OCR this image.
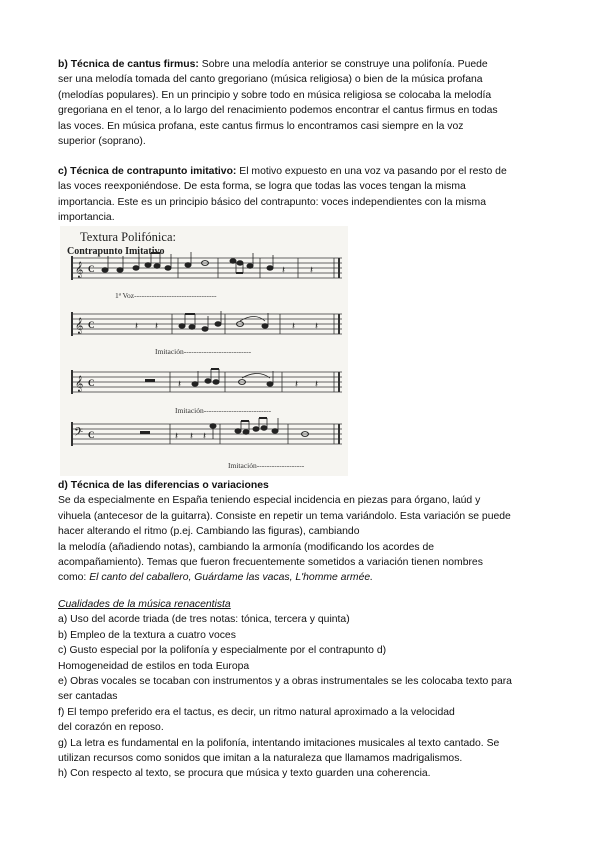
b) Técnica de cantus firmus: Sobre una melodía anterior se construye una polifonía. Puede
ser una melodía tomada del canto gregoriano (música religiosa) o bien de la música profana
(melodías populares). En un principio y sobre todo en música religiosa se colocaba la melodía
gregoriana en el tenor, a lo largo del renacimiento podemos encontrar el cantus firmus en todas
las voces. En música profana, este cantus firmus lo encontramos casi siempre en la voz
superior (soprano).

c) Técnica de contrapunto imitativo: El motivo expuesto en una voz va pasando por el resto de
las voces reexponiéndose. De esta forma, se logra que todas las voces tengan la misma
importancia. Este es un principio básico del contrapunto: voces independientes con la misma
importancia.

Textura Polifónica:
Contrapunto Imitativo
𝄞 C	𝄽 𝄽
1ª Voz---------------------------------
𝄞 C	𝄽 𝄽	𝄽 𝄽
Imitación---------------------------
𝄞 C	𝄽	𝄽 𝄽
Imitación---------------------------
𝄢 C	𝄽 𝄽 𝄽
Imitación-------------------

d) Técnica de las diferencias o variaciones
Se da especialmente en España teniendo especial incidencia en piezas para órgano, laúd y
vihuela (antecesor de la guitarra). Consiste en repetir un tema variándolo. Esta variación se puede
hacer alterando el ritmo (p.ej. Cambiando las figuras), cambiando
la melodía (añadiendo notas), cambiando la armonía (modificando los acordes de
acompañamiento). Temas que fueron frecuentemente sometidos a variación tienen nombres
como: El canto del caballero, Guárdame las vacas, L'homme armée.

Cualidades de la música renacentista
a) Uso del acorde triada (de tres notas: tónica, tercera y quinta)
b) Empleo de la textura a cuatro voces
c) Gusto especial por la polifonía y especialmente por el contrapunto d)
Homogeneidad de estilos en toda Europa
e) Obras vocales se tocaban con instrumentos y a obras instrumentales se les colocaba texto para
ser cantadas
f) El tempo preferido era el tactus, es decir, un ritmo natural aproximado a la velocidad
del corazón en reposo.
g) La letra es fundamental en la polifonía, intentando imitaciones musicales al texto cantado. Se
utilizan recursos como sonidos que imitan a la naturaleza que llamamos madrigalismos.
h) Con respecto al texto, se procura que música y texto guarden una coherencia.
